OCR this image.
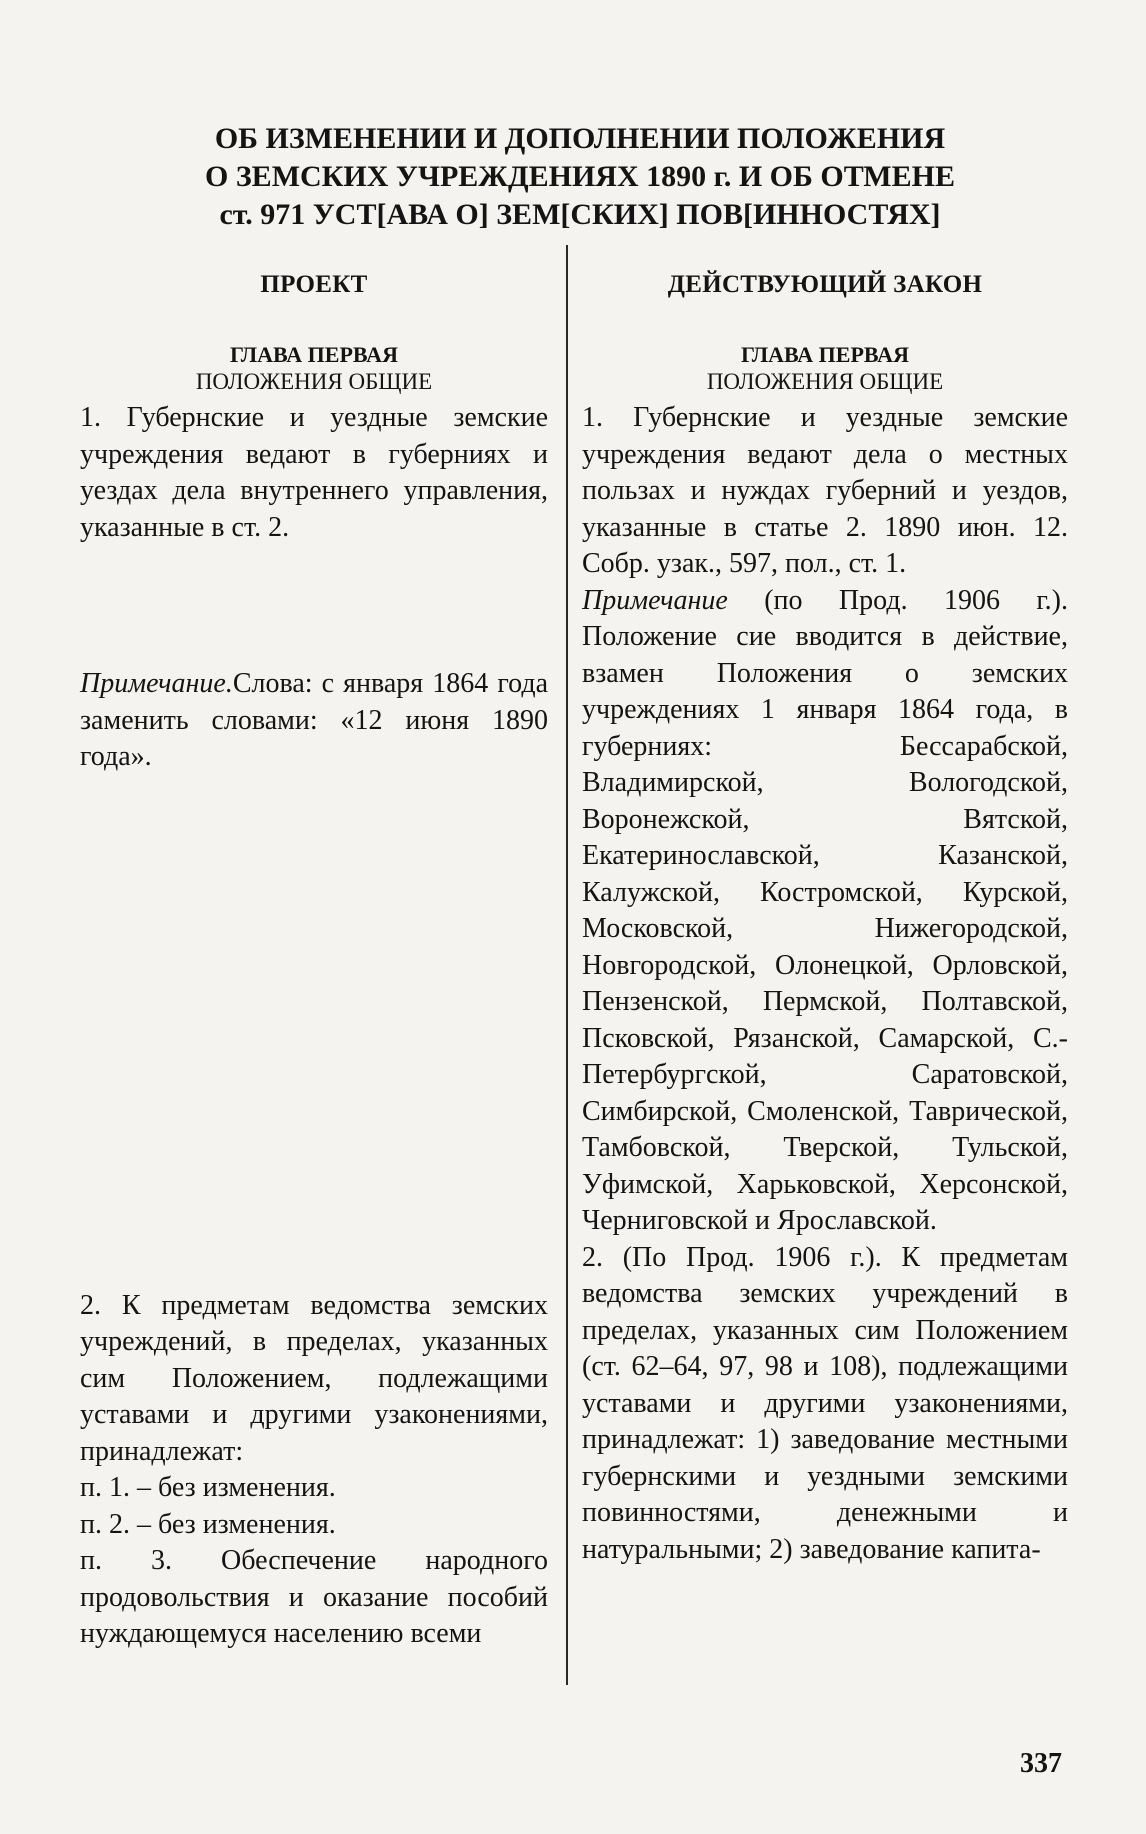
ОБ ИЗМЕНЕНИИ И ДОПОЛНЕНИИ ПОЛОЖЕНИЯ
О ЗЕМСКИХ УЧРЕЖДЕНИЯХ 1890 г. И ОБ ОТМЕНЕ
ст. 971 УСТ[АВА О] ЗЕМ[СКИХ] ПОВ[ИННОСТЯХ]
ПРОЕКТ
ГЛАВА ПЕРВАЯ
ПОЛОЖЕНИЯ ОБЩИЕ

1. Губернские и уездные земские учреждения ведают в губерниях и уездах дела внутреннего управления, указанные в ст. 2.

Примечание.Слова: с января 1864 года заменить словами: «12 июня 1890 года».

2. К предметам ведомства земских учреждений, в пределах, указанных сим Положением, подлежащими уставами и другими узаконениями, принадлежат:

п. 1. – без изменения.

п. 2. – без изменения.

п. 3. Обеспечение народного продовольствия и оказание пособий нуждающемуся населению всеми

ДЕЙСТВУЮЩИЙ ЗАКОН
ГЛАВА ПЕРВАЯ
ПОЛОЖЕНИЯ ОБЩИЕ

1. Губернские и уездные земские учреждения ведают дела о местных пользах и нуждах губерний и уездов, указанные в статье 2. 1890 июн. 12. Собр. узак., 597, пол., ст. 1.

Примечание (по Прод. 1906 г.). Положение сие вводится в действие, взамен Положения о земских учреждениях 1 января 1864 года, в губерниях: Бессарабской, Владимирской, Вологодской, Воронежской, Вятской, Екатеринославской, Казанской, Калужской, Костромской, Курской, Московской, Нижегородской, Новгородской, Олонецкой, Орловской, Пензенской, Пермской, Полтавской, Псковской, Рязанской, Самарской, С.-Петербургской, Саратовской, Симбирской, Смоленской, Таврической, Тамбовской, Тверской, Тульской, Уфимской, Харьковской, Херсонской, Черниговской и Ярославской.

2. (По Прод. 1906 г.). К предметам ведомства земских учреждений в пределах, указанных сим Положением (ст. 62–64, 97, 98 и 108), подлежащими уставами и другими узаконениями, принадлежат: 1) заведование местными губернскими и уездными земскими повинностями, денежными и натуральными; 2) заведование капита-

337
